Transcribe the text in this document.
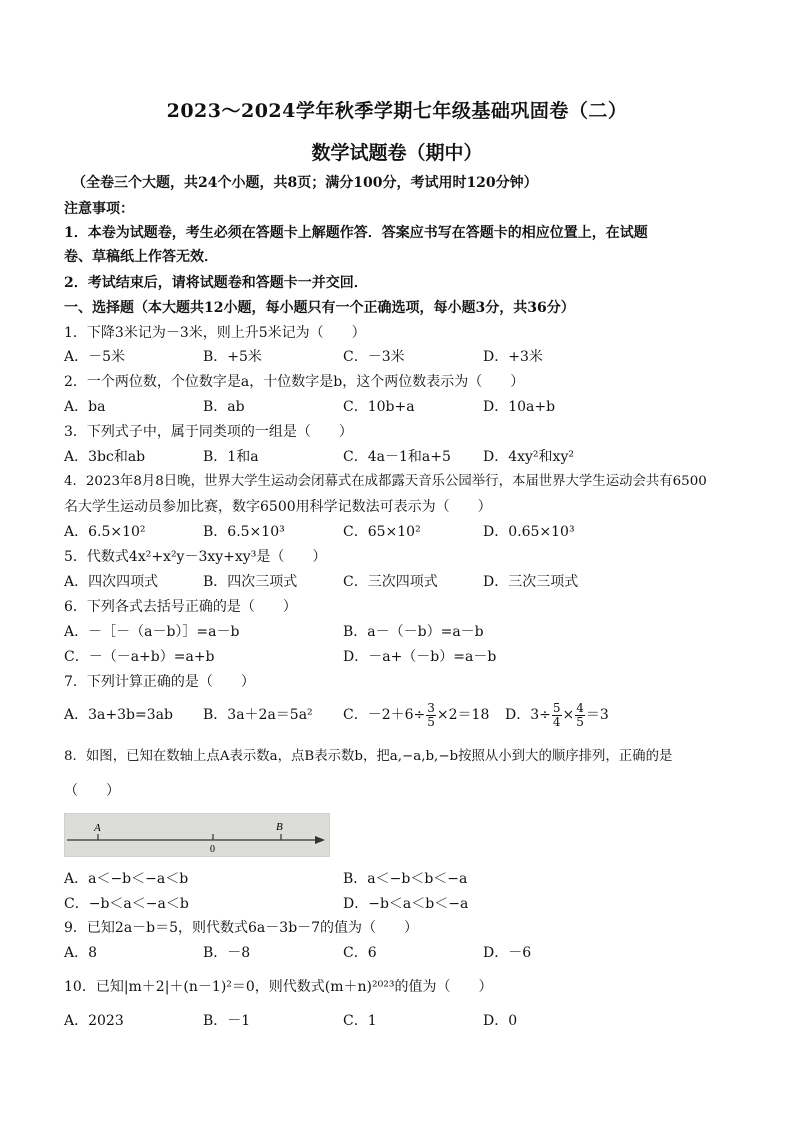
2023～2024学年秋季学期七年级基础巩固卷（二）
数学试题卷（期中）
（全卷三个大题，共24个小题，共8页；满分100分，考试用时120分钟）
注意事项：
1．本卷为试题卷，考生必须在答题卡上解题作答．答案应书写在答题卡的相应位置上，在试题
卷、草稿纸上作答无效．
2．考试结束后，请将试题卷和答题卡一并交回．
一、选择题（本大题共12小题，每小题只有一个正确选项，每小题3分，共36分）
1．下降3米记为－3米，则上升5米记为（　　）
A．－5米	B．+5米	C．－3米	D．+3米
2．一个两位数，个位数字是a，十位数字是b，这个两位数表示为（　　）
A．ba	B．ab	C．10b+a	D．10a+b
3．下列式子中，属于同类项的一组是（　　）
A．3bc和ab	B．1和a	C．4a－1和a+5 D．4xy²和xy²
4．2023年8月8日晚，世界大学生运动会闭幕式在成都露天音乐公园举行，本届世界大学生运动会共有6500
名大学生运动员参加比赛，数字6500用科学记数法可表示为（　　）
A．6.5×10²	B．6.5×10³	C．65×10²	D．0.65×10³
5．代数式4x²+x²y－3xy+xy³是（　　）
A．四次四项式	B．四次三项式	C．三次四项式	D．三次三项式
6．下列各式去括号正确的是（　　）
A．－［－（a－b）］=a－b	B．a－（－b）=a－b
C．－（－a+b）=a+b	D．－a+（－b）=a－b
7．下列计算正确的是（　　）
A．3a+3b=3ab B．3a＋2a＝5a² C．$-2+6\div \frac{3}{5} \times 2=18$ D．$3\div \frac{5}{4} \times \frac{4}{5} =3$
8．如图，已知在数轴上点A表示数a，点B表示数b，把a,−a,b,−b按照从小到大的顺序排列，正确的是
（　　）
A
0
B
A．a＜−b＜−a＜b	B．a＜−b＜b＜−a
C．−b＜a＜−a＜b	D．−b＜a＜b＜−a
9．已知2a－b＝5，则代数式6a－3b－7的值为（　　）
A．8	B．－8	C．6	D．－6
10．已知|m＋2|＋(n－1)²＝0，则代数式(m＋n)²⁰²³的值为（　　）
A．2023	B．－1	C．1	D．0
